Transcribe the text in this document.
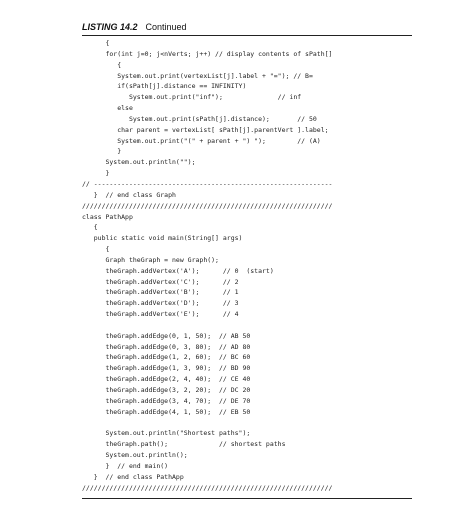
LISTING 14.2 Continued
{
for(int j=0; j<nVerts; j++) // display contents of sPath[]
{
System.out.print(vertexList[j].label + "="); // B=
if(sPath[j].distance == INFINITY)
System.out.print("inf");              // inf
else
System.out.print(sPath[j].distance);       // 50
char parent = vertexList[ sPath[j].parentVert ].label;
System.out.print("(" + parent + ") ");        // (A)
}
System.out.println("");
}
// -------------------------------------------------------------
}  // end class Graph
////////////////////////////////////////////////////////////////
class PathApp
{
public static void main(String[] args)
{
Graph theGraph = new Graph();
theGraph.addVertex('A');      // 0  (start)
theGraph.addVertex('C');      // 2
theGraph.addVertex('B');      // 1
theGraph.addVertex('D');      // 3
theGraph.addVertex('E');      // 4
theGraph.addEdge(0, 1, 50);  // AB 50
theGraph.addEdge(0, 3, 80);  // AD 80
theGraph.addEdge(1, 2, 60);  // BC 60
theGraph.addEdge(1, 3, 90);  // BD 90
theGraph.addEdge(2, 4, 40);  // CE 40
theGraph.addEdge(3, 2, 20);  // DC 20
theGraph.addEdge(3, 4, 70);  // DE 70
theGraph.addEdge(4, 1, 50);  // EB 50
System.out.println("Shortest paths");
theGraph.path();             // shortest paths
System.out.println();
}  // end main()
}  // end class PathApp
////////////////////////////////////////////////////////////////
